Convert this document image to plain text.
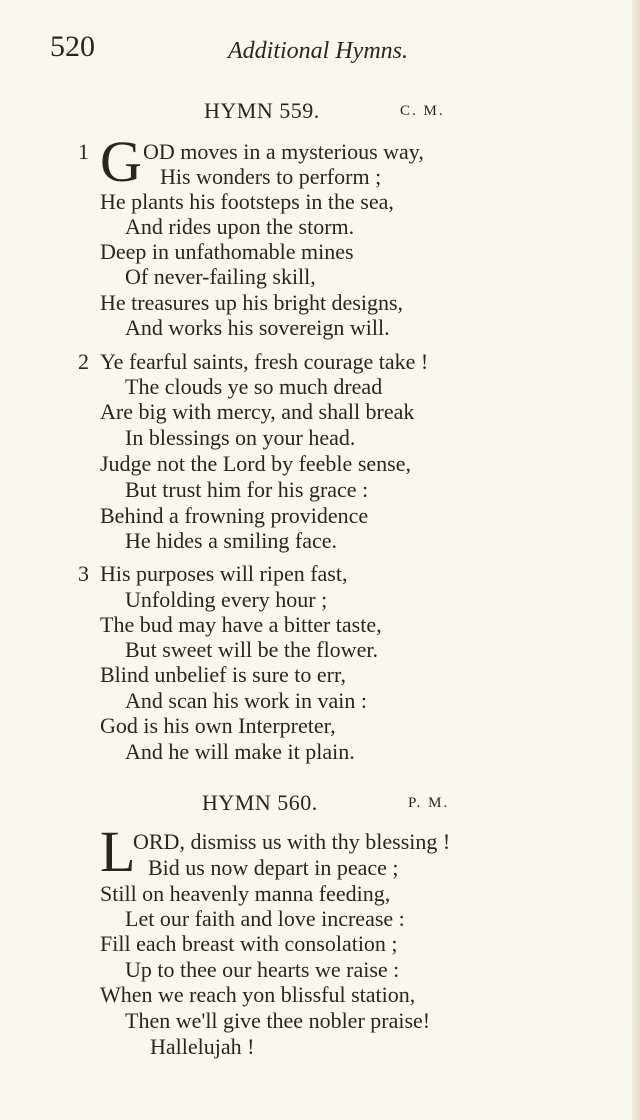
520	Additional Hymns.
HYMN 559.	C. M.
1 G OD moves in a mysterious way,
His wonders to perform ;
He plants his footsteps in the sea,
And rides upon the storm.
Deep in unfathomable mines
Of never-failing skill,
He treasures up his bright designs,
And works his sovereign will.
2 Ye fearful saints, fresh courage take !
The clouds ye so much dread
Are big with mercy, and shall break
In blessings on your head.
Judge not the Lord by feeble sense,
But trust him for his grace :
Behind a frowning providence
He hides a smiling face.
3 His purposes will ripen fast,
Unfolding every hour ;
The bud may have a bitter taste,
But sweet will be the flower.
Blind unbelief is sure to err,
And scan his work in vain :
God is his own Interpreter,
And he will make it plain.
HYMN 560.	P. M.
L
ORD, dismiss us with thy blessing !
Bid us now depart in peace ;
Still on heavenly manna feeding,
Let our faith and love increase :
Fill each breast with consolation ;
Up to thee our hearts we raise :
When we reach yon blissful station,
Then we'll give thee nobler praise!
Hallelujah !
